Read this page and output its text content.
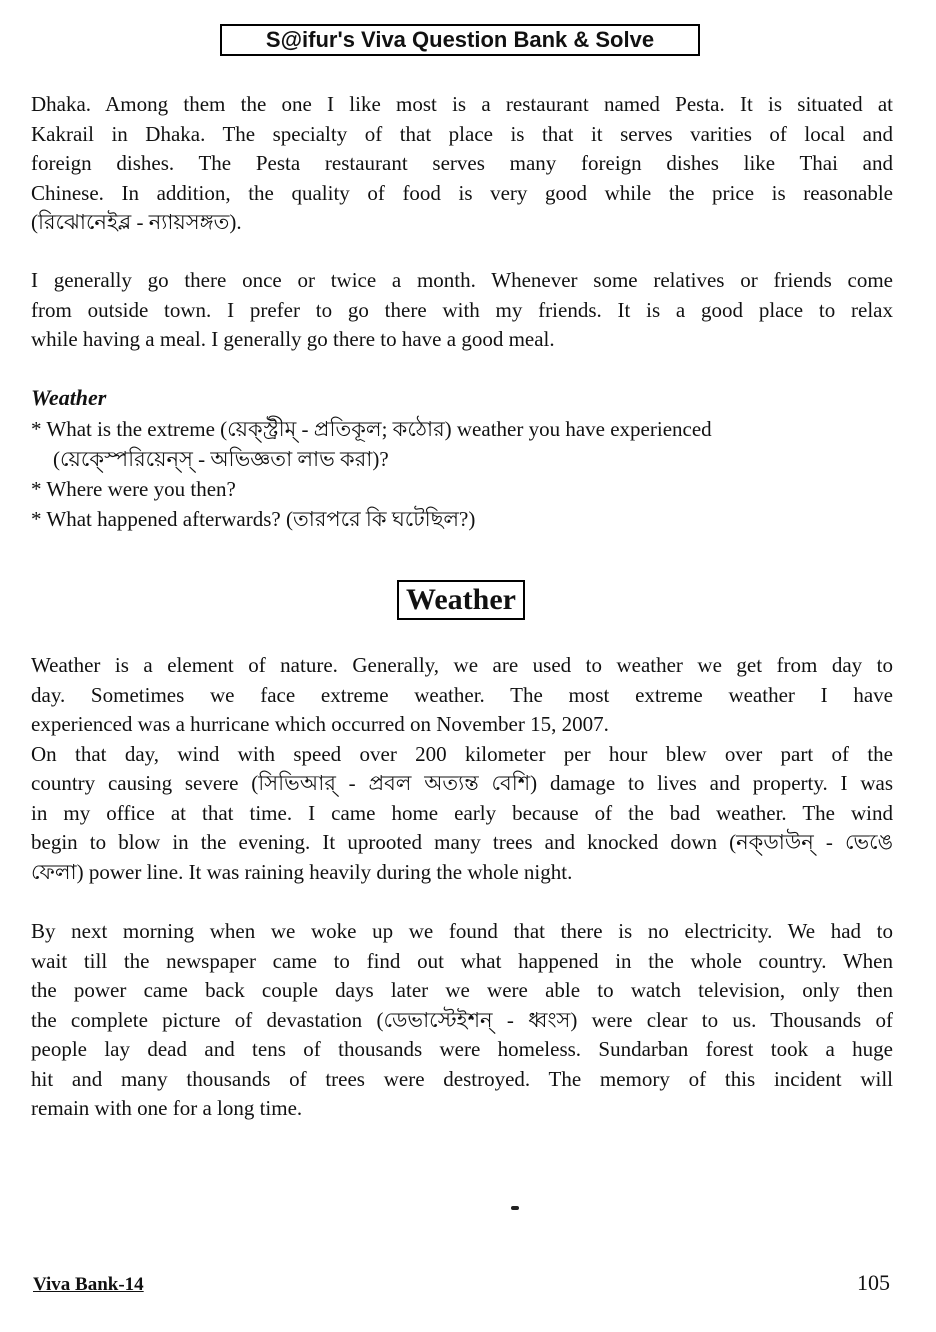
S@ifur's Viva Question Bank & Solve
Dhaka. Among them the one I like most is a restaurant named Pesta. It is situated at
Kakrail in Dhaka. The specialty of that place is that it serves varities of local and
foreign dishes. The Pesta restaurant serves many foreign dishes like Thai and
Chinese. In addition, the quality of food is very good while the price is reasonable
(রিঝোনেইব্ল - ন্যায়সঙ্গত).
I generally go there once or twice a month. Whenever some relatives or friends come
from outside town. I prefer to go there with my friends. It is a good place to relax
while having a meal. I generally go there to have a good meal.
Weather
* What is the extreme (য়েক্স্ট্রীম্ - প্রতিকূল; কঠোর) weather you have experienced
(য়েক্স্পেরিয়েন্স্ - অভিজ্ঞতা লাভ করা)?
* Where were you then?
* What happened afterwards? (তারপরে কি ঘটেছিল?)
Weather
Weather is a element of nature. Generally, we are used to weather we get from day to
day. Sometimes we face extreme weather. The most extreme weather I have
experienced was a hurricane which occurred on November 15, 2007.
On that day, wind with speed over 200 kilometer per hour blew over part of the
country causing severe (সিভিআর্ - প্রবল অত্যন্ত বেশি) damage to lives and property. I was
in my office at that time. I came home early because of the bad weather. The wind
begin to blow in the evening. It uprooted many trees and knocked down (নক্ডাউন্ - ভেঙে
ফেলা) power line. It was raining heavily during the whole night.
By next morning when we woke up we found that there is no electricity. We had to
wait till the newspaper came to find out what happened in the whole country. When
the power came back couple days later we were able to watch television, only then
the complete picture of devastation (ডেভাস্টেইশন্ - ধ্বংস) were clear to us. Thousands of
people lay dead and tens of thousands were homeless. Sundarban forest took a huge
hit and many thousands of trees were destroyed. The memory of this incident will
remain with one for a long time.
Viva Bank-14	105
